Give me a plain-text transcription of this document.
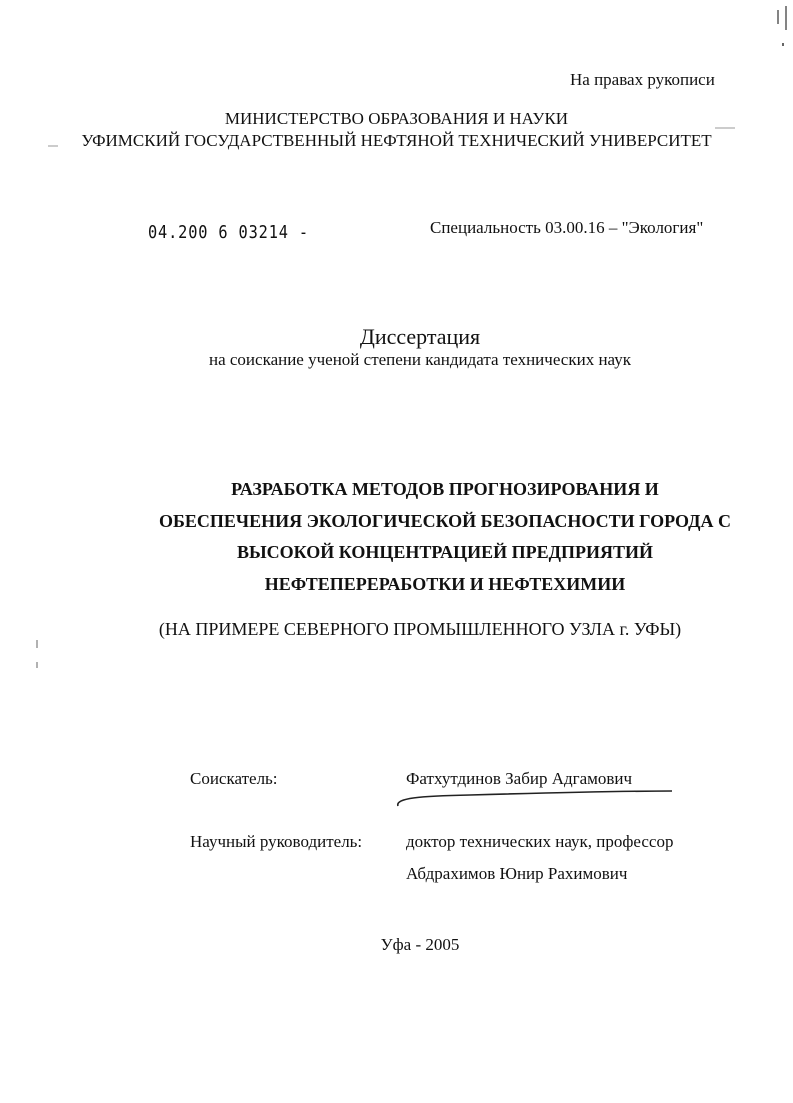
На правах рукописи
МИНИСТЕРСТВО ОБРАЗОВАНИЯ И НАУКИ
УФИМСКИЙ ГОСУДАРСТВЕННЫЙ НЕФТЯНОЙ ТЕХНИЧЕСКИЙ УНИВЕРСИТЕТ
04.200 6 03214 -	Специальность 03.00.16 – "Экология"
Диссертация
на соискание ученой степени кандидата технических наук
РАЗРАБОТКА МЕТОДОВ ПРОГНОЗИРОВАНИЯ И
ОБЕСПЕЧЕНИЯ ЭКОЛОГИЧЕСКОЙ БЕЗОПАСНОСТИ ГОРОДА С
ВЫСОКОЙ КОНЦЕНТРАЦИЕЙ ПРЕДПРИЯТИЙ
НЕФТЕПЕРЕРАБОТКИ И НЕФТЕХИМИИ
(НА ПРИМЕРЕ СЕВЕРНОГО ПРОМЫШЛЕННОГО УЗЛА г. УФЫ)
Соискатель:	Фатхутдинов Забир Адгамович
Научный руководитель:	доктор технических наук, профессор
Абдрахимов Юнир Рахимович
Уфа - 2005
